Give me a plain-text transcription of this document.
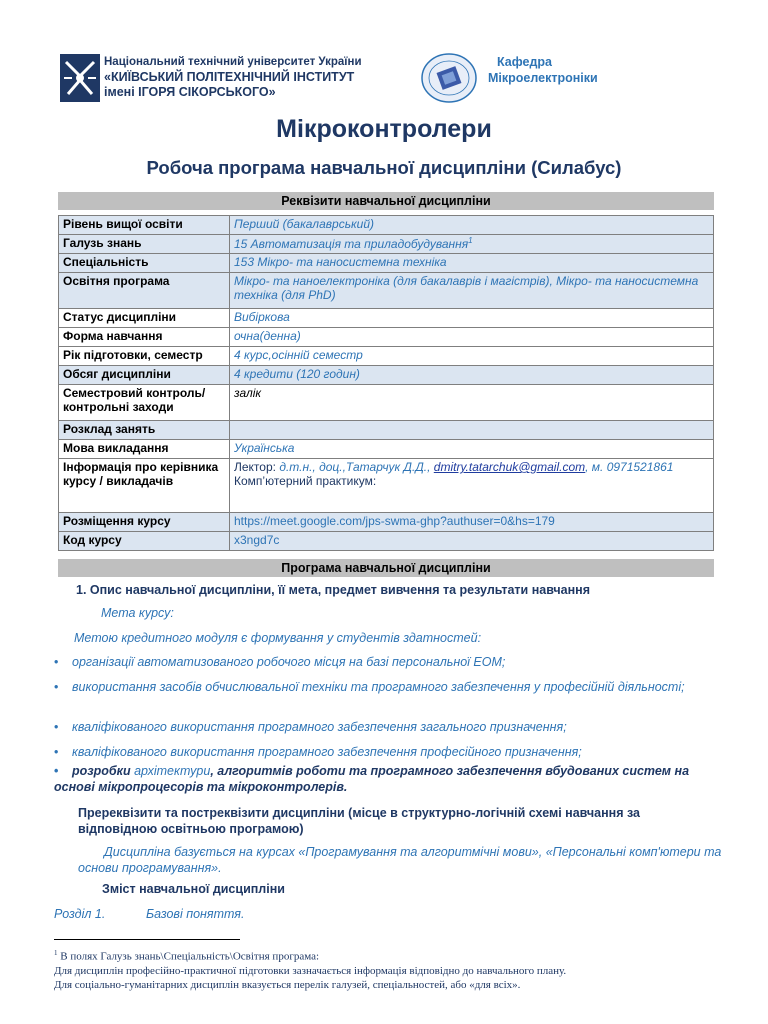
Національний технічний університет України
«КИЇВСЬКИЙ ПОЛІТЕХНІЧНИЙ ІНСТИТУТ
імені ІГОРЯ СІКОРСЬКОГО»
Кафедра
Мікроелектроніки
Мікроконтролери
Робоча програма навчальної дисципліни (Силабус)
Реквізити навчальної дисципліни
Рівень вищої освіти	Перший (бакалаврський)
Галузь знань	15 Автоматизація та приладобудування$^1$
Спеціальність	153 Мікро- та наносистемна техніка
Освітня програма	Мікро- та наноелектроніка (для бакалаврів і магістрів), Мікро- та наносистемна техніка (для PhD)
Статус дисципліни	Вибіркова
Форма навчання	очна(денна)
Рік підготовки, семестр	4 курс,осінній семестр
Обсяг дисципліни	4 кредити (120 годин)
Семестровий контроль/ контрольні заходи	залік
Розклад занять	
Мова викладання	Українська
Інформація про керівника курсу / викладачів	Лектор: д.т.н., доц.,Татарчук Д.Д., dmitry.tatarchuk@gmail.com, м. 0971521861
Комп’ютерний практикум:
Розміщення курсу	https://meet.google.com/jps-swma-ghp?authuser=0&hs=179
Код курсу	x3ngd7c
Програма навчальної дисципліни
1. Опис навчальної дисципліни, її мета, предмет вивчення та результати навчання
Мета курсу:
Метою кредитного модуля є формування у студентів здатностей:
• організації автоматизованого робочого місця на базі персональної ЕОМ;
• використання засобів обчислювальної техніки та програмного забезпечення у професійній діяльності;
• кваліфікованого використання програмного забезпечення загального призначення;
• кваліфікованого використання програмного забезпечення професійного призначення;
• розробки архітектури, алгоритмів роботи та програмного забезпечення вбудованих систем на основі мікропроцесорів та мікроконтролерів.
Пререквізити та постреквізити дисципліни (місце в структурно-логічній схемі навчання за відповідною освітньою програмою)
Дисципліна базується на курсах «Програмування та алгоритмічні мови», «Персональні комп'ютери та основи програмування».
Зміст навчальної дисципліни
Розділ 1.	Базові поняття.
$^1$ В полях Галузь знань\Спеціальність\Освітня програма:
Для дисциплін професійно-практичної підготовки зазначається інформація відповідно до навчального плану.
Для соціально-гуманітарних дисциплін вказується перелік галузей, спеціальностей, або «для всіх».
